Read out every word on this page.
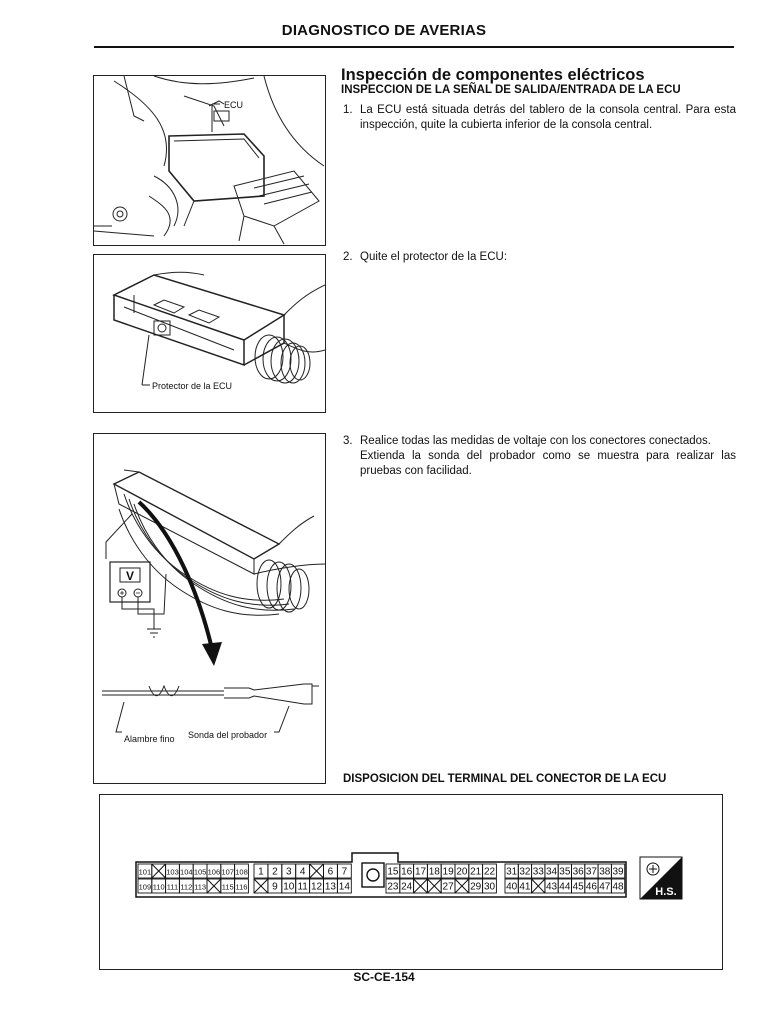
DIAGNOSTICO DE AVERIAS
ECU
Protector de la ECU
V
Alambre fino Sonda del probador
Inspección de componentes eléctricos
INSPECCION DE LA SEÑAL DE SALIDA/ENTRADA DE LA ECU
1. La ECU está situada detrás del tablero de la consola central. Para esta inspección, quite la cubierta inferior de la consola central.
2. Quite el protector de la ECU:
3. Realice todas las medidas de voltaje con los conectores conectados.
Extienda la sonda del probador como se muestra para realizar las pruebas con facilidad.
DISPOSICION DEL TERMINAL DEL CONECTOR DE LA ECU
101 103 104 105 106 107 108
109 110 111 112 113 115 116
1 2 3 4 6 7
9 10 11 12 13 14
15 16 17 18 19 20 21 22
23 24	27 29 30
31 32 33 34 35 36 37 38 39
40 41 43 44 45 46 47 48	H.S.
SC-CE-154
